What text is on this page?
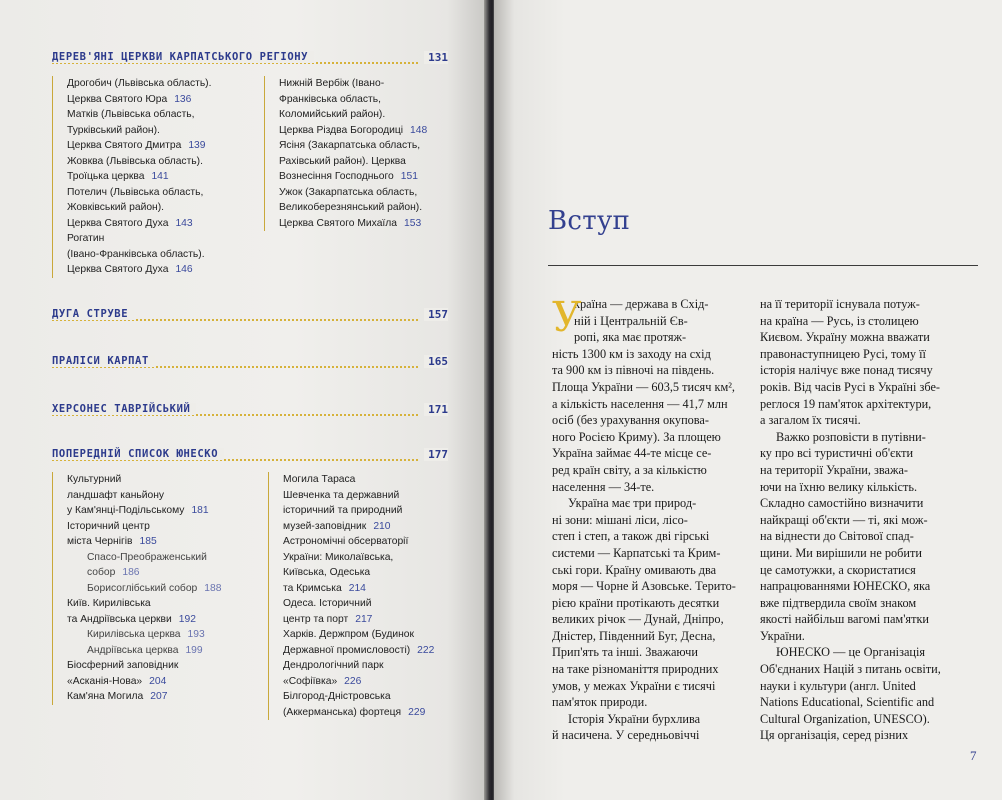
ДЕРЕВ'ЯНІ ЦЕРКВИ КАРПАТСЬКОГО РЕГІОНУ	131
ДУГА СТРУВЕ	157
ПРАЛІСИ КАРПАТ	165
ХЕРСОНЕС ТАВРІЙСЬКИЙ	171
ПОПЕРЕДНІЙ СПИСОК ЮНЕСКО	177
Дрогобич (Львівська область).
Церква Святого Юра 136
Матків (Львівська область,
Турківський район).
Церква Святого Дмитра 139
Жовква (Львівська область).
Троїцька церква 141
Потелич (Львівська область,
Жовківський район).
Церква Святого Духа 143
Рогатин
(Івано-Франківська область).
Церква Святого Духа 146
Нижній Вербіж (Івано-
Франківська область,
Коломийський район).
Церква Різдва Богородиці 148
Ясіня (Закарпатська область,
Рахівський район). Церква
Вознесіння Господнього 151
Ужок (Закарпатська область,
Великоберезнянський район).
Церква Святого Михаїла 153
Культурний
ландшафт каньйону
у Кам'янці-Подільському 181
Історичний центр
міста Чернігів 185
Спасо-Преображенський
собор 186
Борисоглібський собор 188
Київ. Кирилівська
та Андріївська церкви 192
Кирилівська церква 193
Андріївська церква 199
Біосферний заповідник
«Асканія-Нова» 204
Кам'яна Могила 207
Могила Тараса
Шевченка та державний
історичний та природний
музей-заповідник 210
Астрономічні обсерваторії
України: Миколаївська,
Київська, Одеська
та Кримська 214
Одеса. Історичний
центр та порт 217
Харків. Держпром (Будинок
Державної промисловості) 222
Дендрологічний парк
«Софіївка» 226
Білгород-Дністровська
(Аккерманська) фортеця 229
Вступ
У
країна — держава в Схід-
ній і Центральній Єв-
ропі, яка має протяж-
ність 1300 км із заходу на схід
та 900 км із півночі на південь.
Площа України — 603,5 тисяч км²,
а кількість населення — 41,7 млн
осіб (без урахування окупова-
ного Росією Криму). За площею
Україна займає 44-те місце се-
ред країн світу, а за кількістю
населення — 34-те.
Україна має три природ-
ні зони: мішані ліси, лісо-
степ і степ, а також дві гірські
системи — Карпатські та Крим-
ські гори. Країну омивають два
моря — Чорне й Азовське. Терито-
рією країни протікають десятки
великих річок — Дунай, Дніпро,
Дністер, Південний Буг, Десна,
Прип'ять та інші. Зважаючи
на таке різноманіття природних
умов, у межах України є тисячі
пам'яток природи.
Історія України бурхлива
й насичена. У середньовіччі
на її території існувала потуж-
на країна — Русь, із столицею
Києвом. Україну можна вважати
правонаступницею Русі, тому її
історія налічує вже понад тисячу
років. Від часів Русі в Україні збе-
реглося 19 пам'яток архітектури,
а загалом їх тисячі.
Важко розповісти в путівни-
ку про всі туристичні об'єкти
на території України, зважа-
ючи на їхню велику кількість.
Складно самостійно визначити
найкращі об'єкти — ті, які мож-
на віднести до Світової спад-
щини. Ми вирішили не робити
це самотужки, а скористатися
напрацюваннями ЮНЕСКО, яка
вже підтвердила своїм знаком
якості найбільш вагомі пам'ятки
України.
ЮНЕСКО — це Організація
Об'єднаних Націй з питань освіти,
науки і культури (англ. United
Nations Educational, Scientific and
Cultural Organization, UNESCO).
Ця організація, серед різних
7
